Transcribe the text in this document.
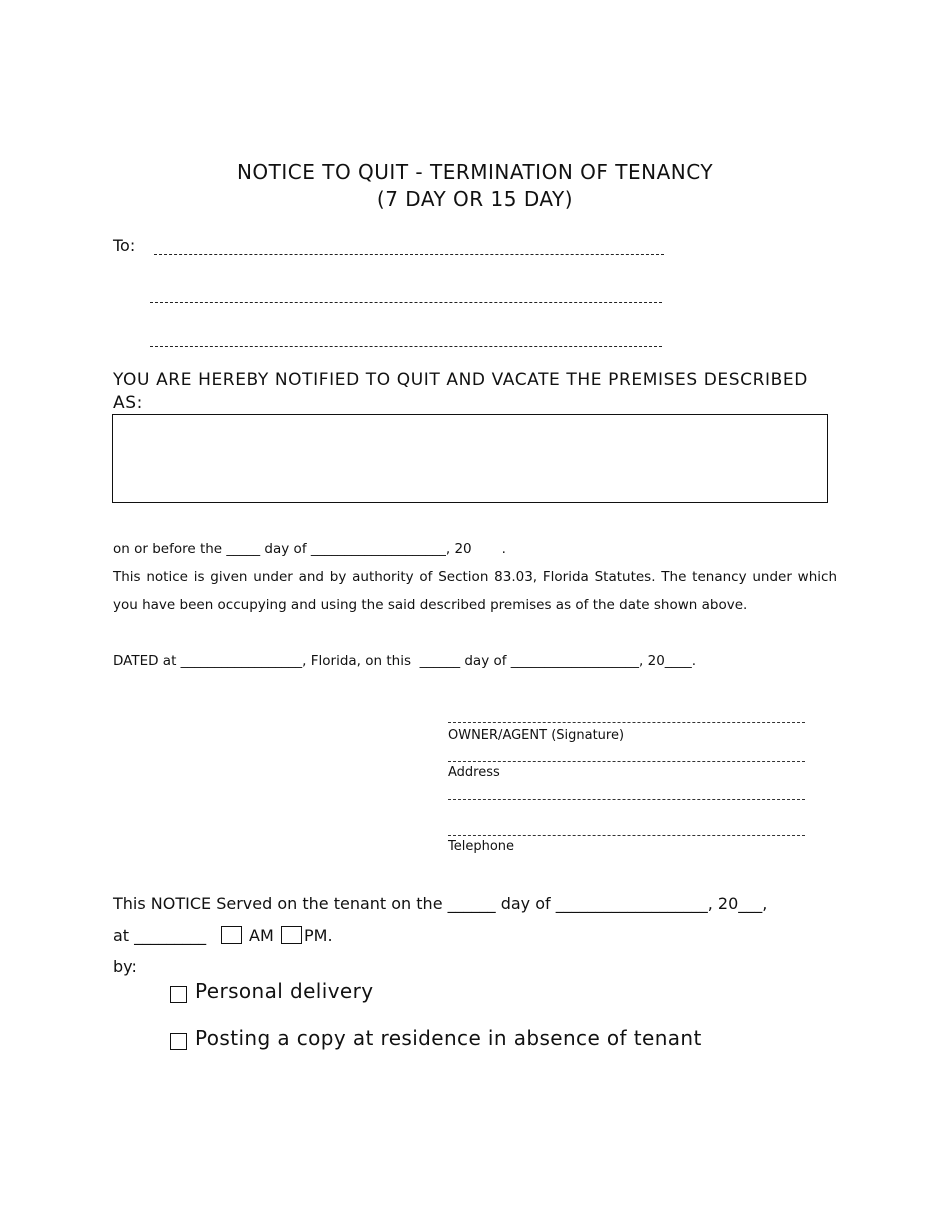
NOTICE TO QUIT - TERMINATION OF TENANCY
(7 DAY OR 15 DAY)
To:
YOU ARE HEREBY NOTIFIED TO QUIT AND VACATE THE PREMISES DESCRIBED AS:
on or before the _____ day of ____________________, 20       .
This notice is given under and by authority of Section 83.03, Florida Statutes. The tenancy under which you have been occupying and using the said described premises as of the date shown above.
DATED at __________________, Florida, on this  ______ day of ___________________, 20____.
OWNER/AGENT (Signature)
Address
Telephone
This NOTICE Served on the tenant on the ______ day of ___________________, 20___,
at _________	AM PM.
by:
Personal delivery
Posting a copy at residence in absence of tenant
